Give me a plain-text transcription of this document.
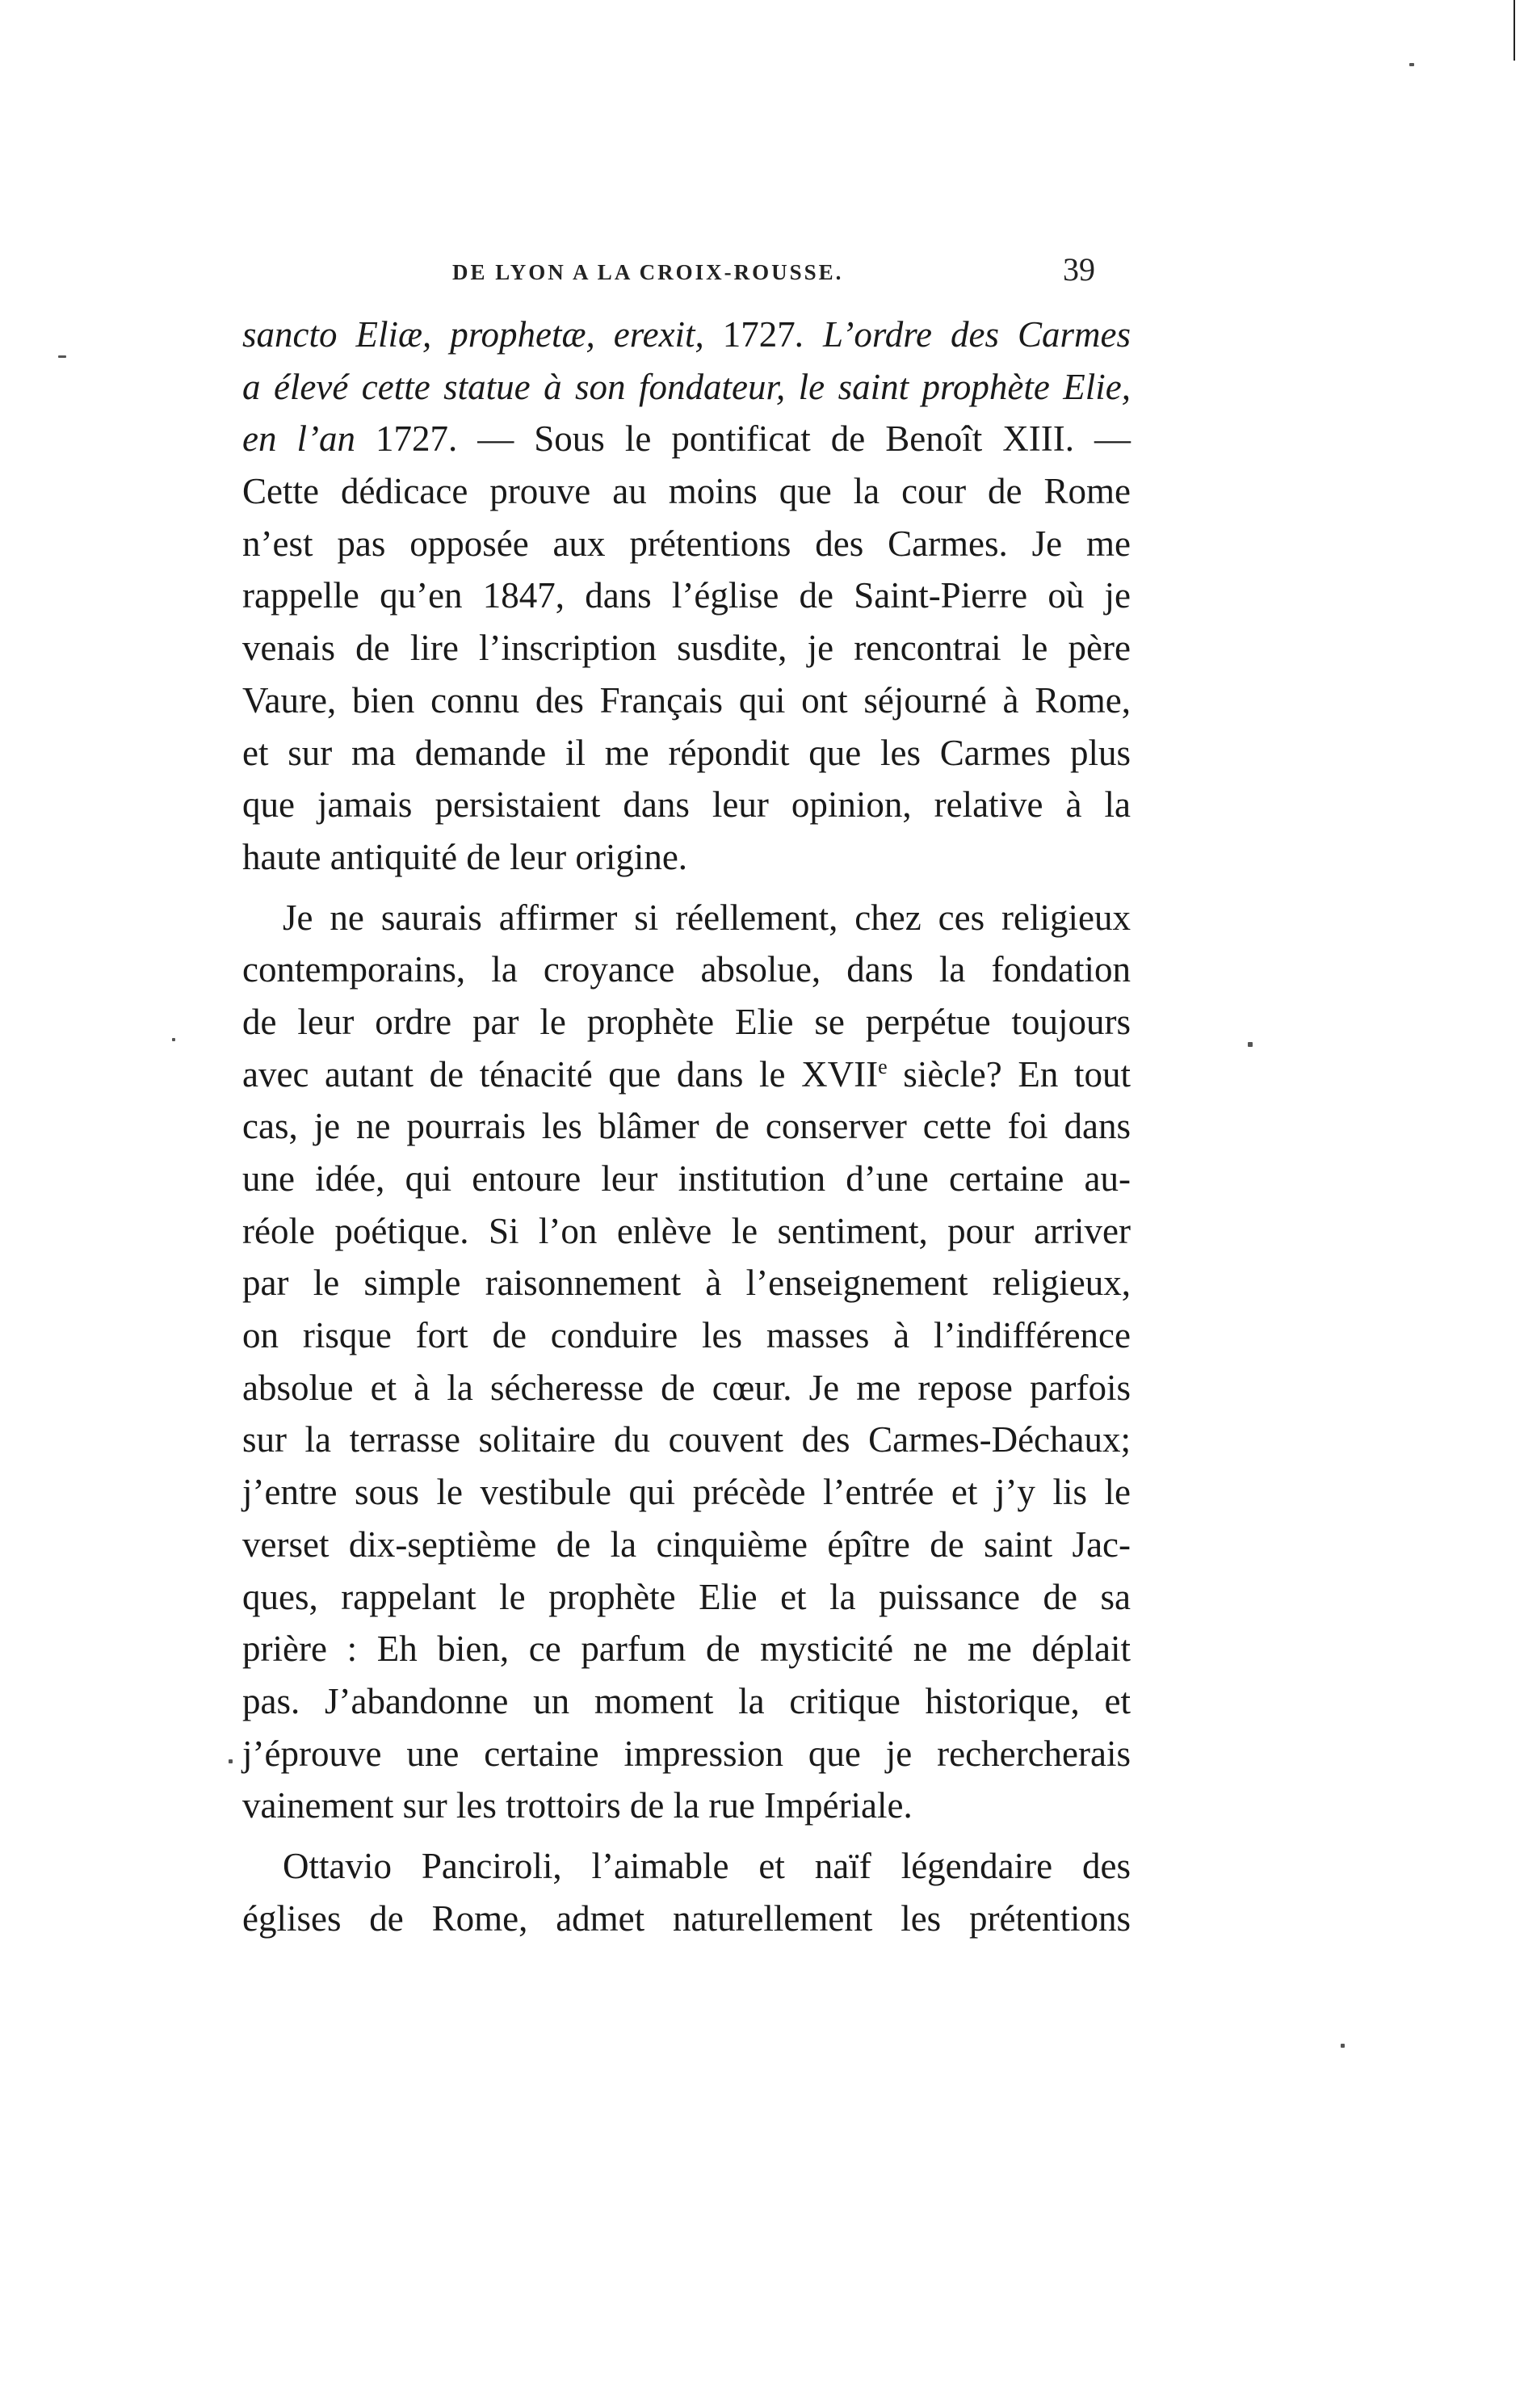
DE LYON A LA CROIX-ROUSSE.	39
sancto Eliæ, prophetæ, erexit, 1727. L’ordre des Carmes
a élevé cette statue à son fondateur, le saint prophète Elie,
en l’an 1727. — Sous le pontificat de Benoît XIII. —
Cette dédicace prouve au moins que la cour de Rome
n’est pas opposée aux prétentions des Carmes. Je me
rappelle qu’en 1847, dans l’église de Saint-Pierre où je
venais de lire l’inscription susdite, je rencontrai le père
Vaure, bien connu des Français qui ont séjourné à Rome,
et sur ma demande il me répondit que les Carmes plus
que jamais persistaient dans leur opinion, relative à la
haute antiquité de leur origine.
Je ne saurais affirmer si réellement, chez ces religieux
contemporains, la croyance absolue, dans la fondation
de leur ordre par le prophète Elie se perpétue toujours
avec autant de ténacité que dans le XVIIe siècle? En tout
cas, je ne pourrais les blâmer de conserver cette foi dans
une idée, qui entoure leur institution d’une certaine au-
réole poétique. Si l’on enlève le sentiment, pour arriver
par le simple raisonnement à l’enseignement religieux,
on risque fort de conduire les masses à l’indifférence
absolue et à la sécheresse de cœur. Je me repose parfois
sur la terrasse solitaire du couvent des Carmes-Déchaux;
j’entre sous le vestibule qui précède l’entrée et j’y lis le
verset dix-septième de la cinquième épître de saint Jac-
ques, rappelant le prophète Elie et la puissance de sa
prière : Eh bien, ce parfum de mysticité ne me déplait
pas. J’abandonne un moment la critique historique, et
j’éprouve une certaine impression que je rechercherais
vainement sur les trottoirs de la rue Impériale.
Ottavio Panciroli, l’aimable et naïf légendaire des
églises de Rome, admet naturellement les prétentions
